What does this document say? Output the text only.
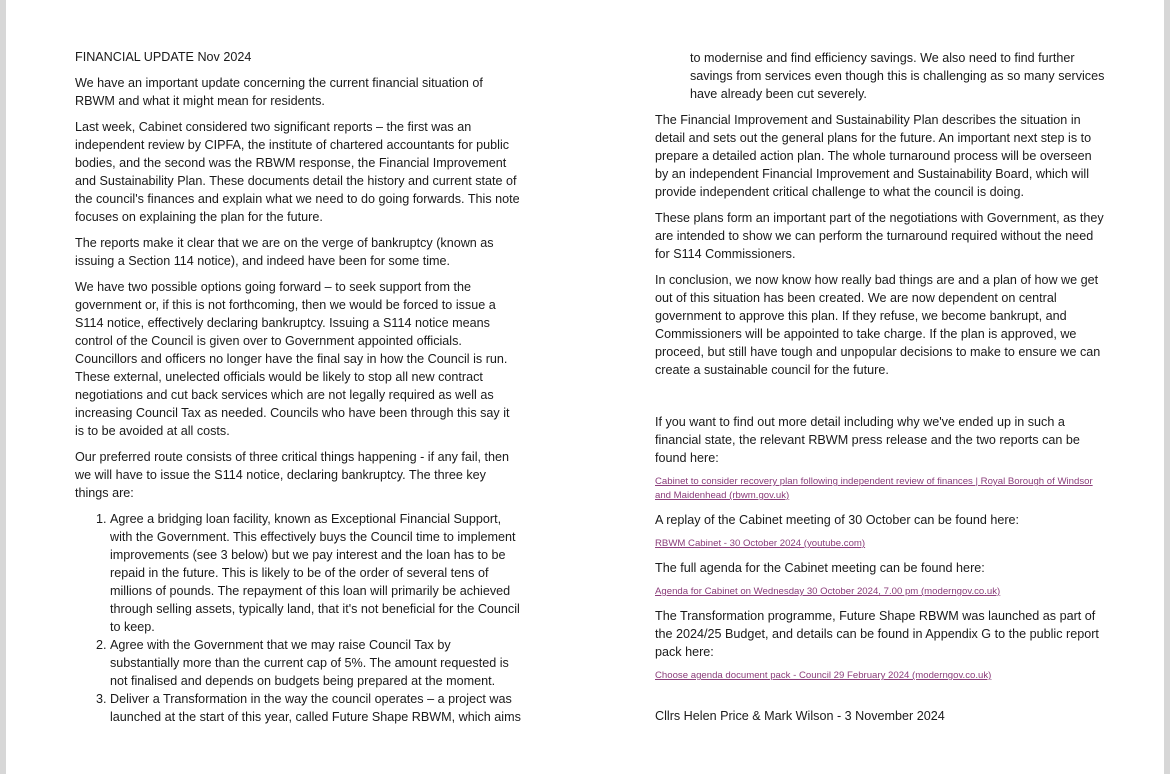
FINANCIAL UPDATE Nov 2024

We have an important update concerning the current financial situation of RBWM and what it might mean for residents.

Last week, Cabinet considered two significant reports – the first was an independent review by CIPFA, the institute of chartered accountants for public bodies, and the second was the RBWM response, the Financial Improvement and Sustainability Plan. These documents detail the history and current state of the council's finances and explain what we need to do going forwards. This note focuses on explaining the plan for the future.

The reports make it clear that we are on the verge of bankruptcy (known as issuing a Section 114 notice), and indeed have been for some time.

We have two possible options going forward – to seek support from the government or, if this is not forthcoming, then we would be forced to issue a S114 notice, effectively declaring bankruptcy. Issuing a S114 notice means control of the Council is given over to Government appointed officials. Councillors and officers no longer have the final say in how the Council is run. These external, unelected officials would be likely to stop all new contract negotiations and cut back services which are not legally required as well as increasing Council Tax as needed. Councils who have been through this say it is to be avoided at all costs.

Our preferred route consists of three critical things happening - if any fail, then we will have to issue the S114 notice, declaring bankruptcy. The three key things are:

1. Agree a bridging loan facility, known as Exceptional Financial Support, with the Government. This effectively buys the Council time to implement improvements (see 3 below) but we pay interest and the loan has to be repaid in the future. This is likely to be of the order of several tens of millions of pounds. The repayment of this loan will primarily be achieved through selling assets, typically land, that it's not beneficial for the Council to keep.
2. Agree with the Government that we may raise Council Tax by substantially more than the current cap of 5%. The amount requested is not finalised and depends on budgets being prepared at the moment.
3. Deliver a Transformation in the way the council operates – a project was launched at the start of this year, called Future Shape RBWM, which aims

to modernise and find efficiency savings. We also need to find further savings from services even though this is challenging as so many services have already been cut severely.

The Financial Improvement and Sustainability Plan describes the situation in detail and sets out the general plans for the future. An important next step is to prepare a detailed action plan. The whole turnaround process will be overseen by an independent Financial Improvement and Sustainability Board, which will provide independent critical challenge to what the council is doing.

These plans form an important part of the negotiations with Government, as they are intended to show we can perform the turnaround required without the need for S114 Commissioners.

In conclusion, we now know how really bad things are and a plan of how we get out of this situation has been created. We are now dependent on central government to approve this plan. If they refuse, we become bankrupt, and Commissioners will be appointed to take charge. If the plan is approved, we proceed, but still have tough and unpopular decisions to make to ensure we can create a sustainable council for the future.

If you want to find out more detail including why we've ended up in such a financial state, the relevant RBWM press release and the two reports can be found here:

Cabinet to consider recovery plan following independent review of finances | Royal Borough of Windsor and Maidenhead (rbwm.gov.uk)

A replay of the Cabinet meeting of 30 October can be found here:

RBWM Cabinet - 30 October 2024 (youtube.com)

The full agenda for the Cabinet meeting can be found here:

Agenda for Cabinet on Wednesday 30 October 2024, 7.00 pm (moderngov.co.uk)

The Transformation programme, Future Shape RBWM was launched as part of the 2024/25 Budget, and details can be found in Appendix G to the public report pack here:

Choose agenda document pack - Council 29 February 2024 (moderngov.co.uk)

Cllrs Helen Price & Mark Wilson - 3 November 2024
